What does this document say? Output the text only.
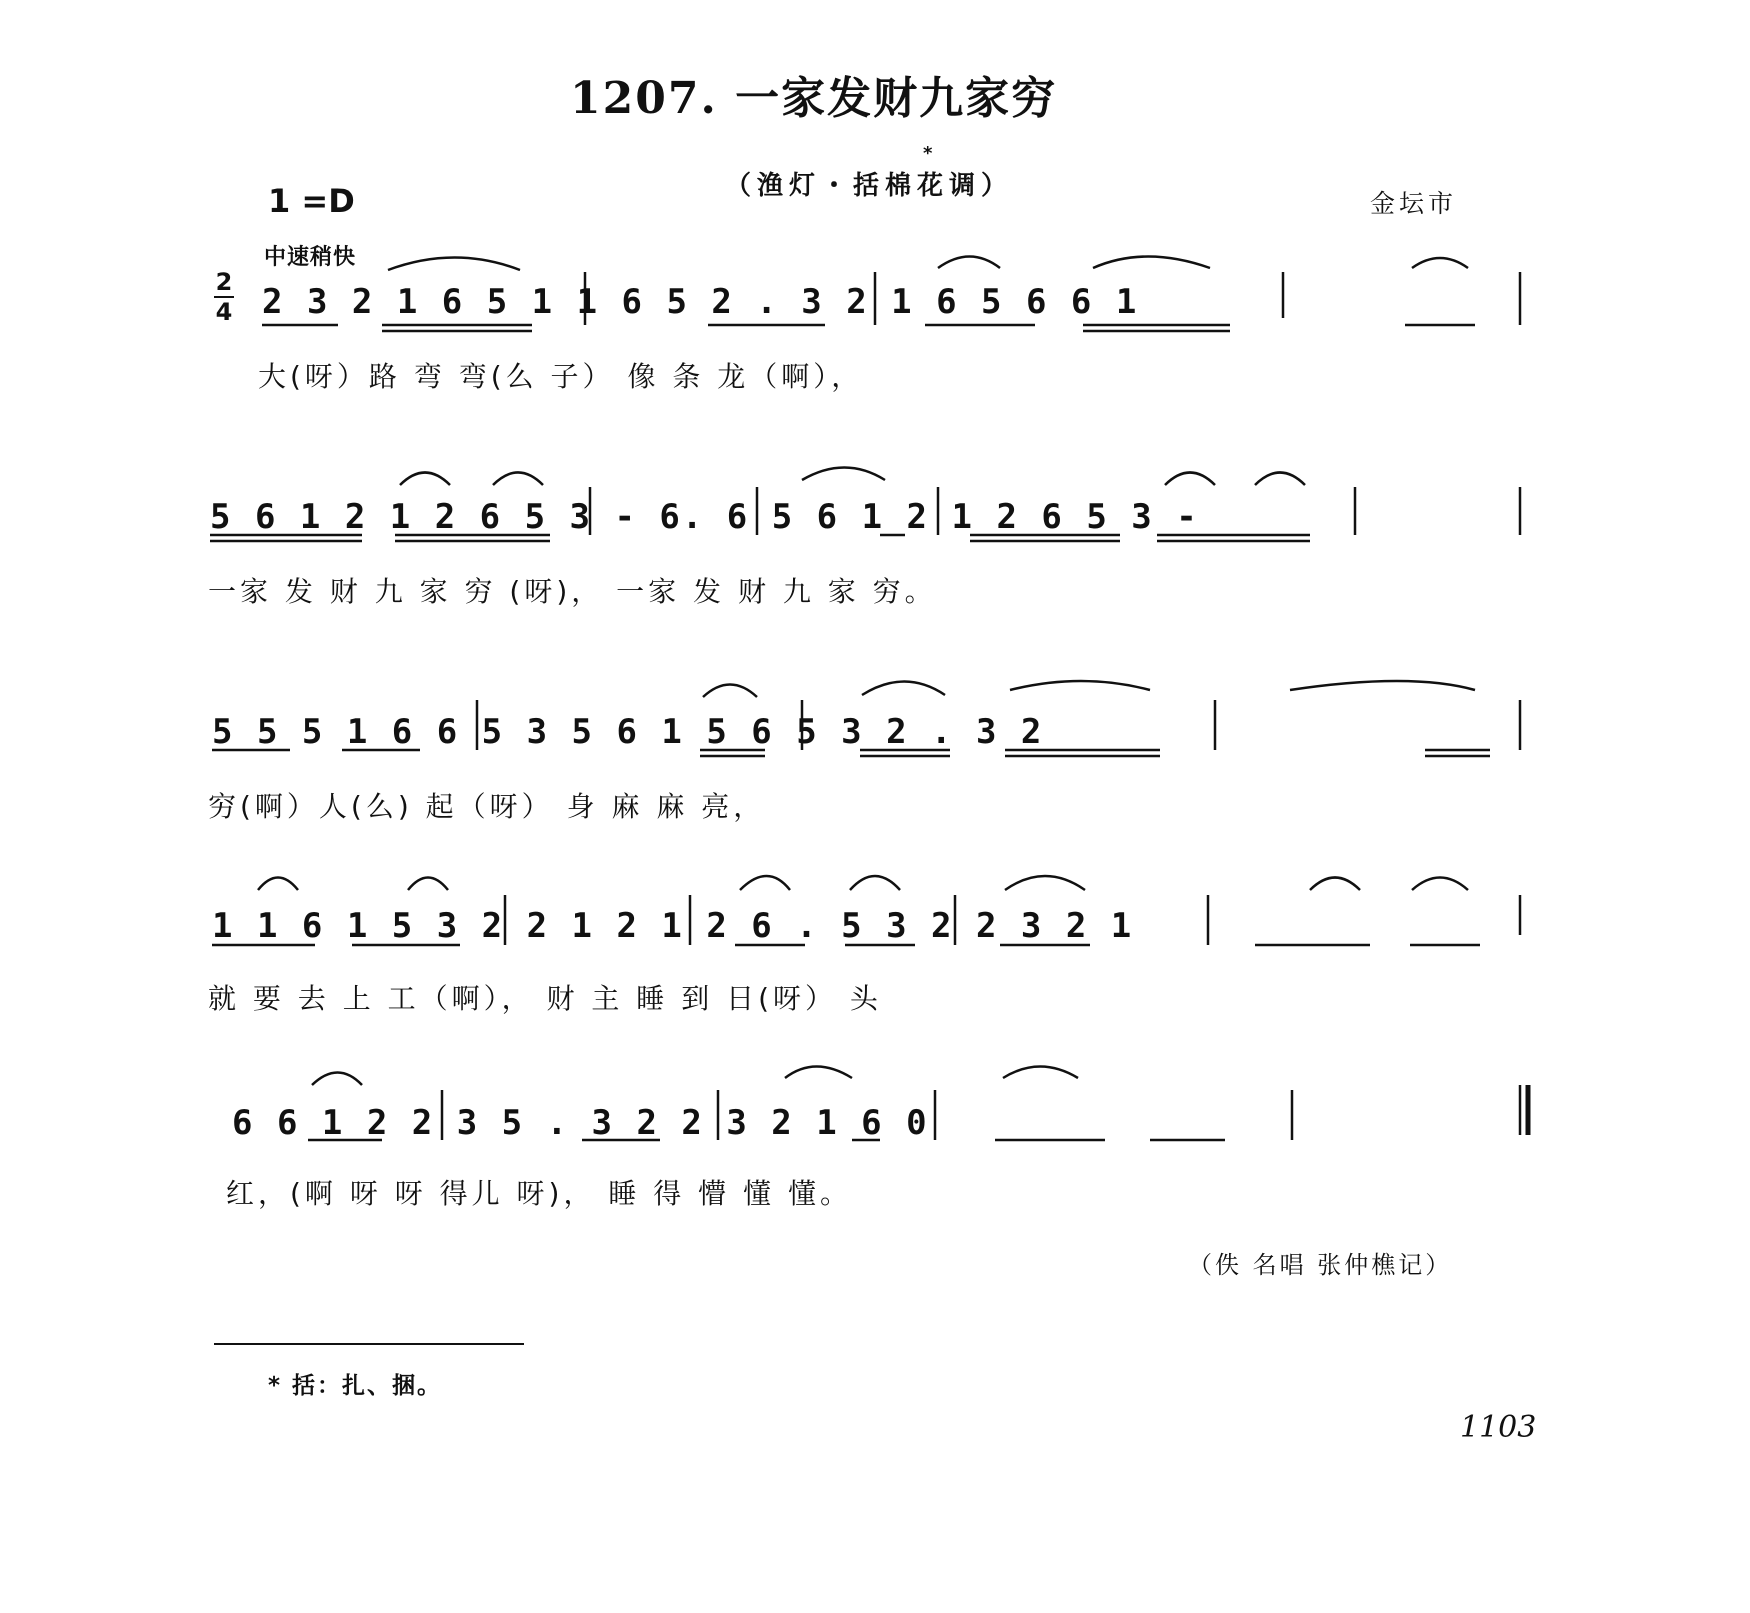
1207. 一家发财九家穷
（渔灯・括棉花调）
*
1 =D	金坛市
中速稍快
2
4 2 3 2 1 6 5 1 1 6 5 2 . 3 2 1 6 5 6 6 1
大(呀）路 弯 弯(么 子） 像 条 龙（啊），
5 6 1 2 1 2 6 5 3 - 6. 6 5 6 1 2 1 2 6 5 3 -
一家 发 财 九 家 穷 (呀)， 一家 发 财 九 家 穷。
5 5 5 1 6 6 5 3 5 6 1 5 6 5 3 2 . 3 2
穷(啊）人(么) 起（呀） 身 麻 麻 亮，
1 1 6 1 5 3 2 2 1 2 1 2 6 . 5 3 2 2 3 2 1
就 要 去 上 工（啊）， 财 主 睡 到 日(呀） 头
6 6 1 2 2 3 5 . 3 2 2 3 2 1 6 0
红，(啊 呀 呀 得儿 呀)， 睡 得 懵 懂 懂。
（佚 名唱 张仲樵记）
* 括：扎、捆。
1103
